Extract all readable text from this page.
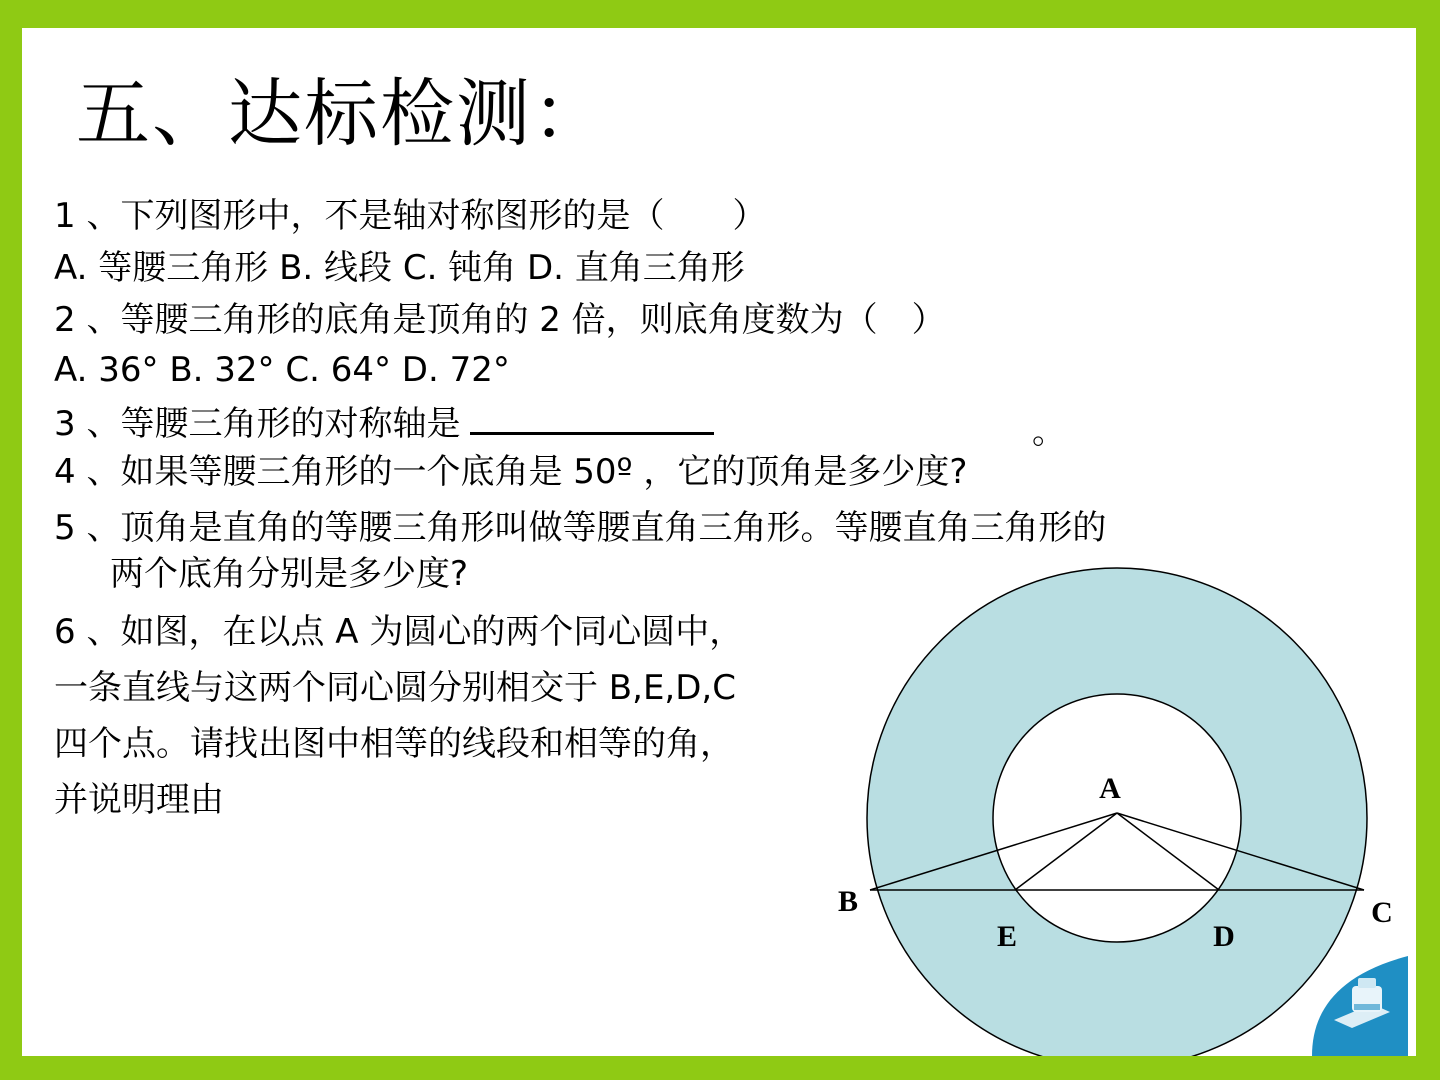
五、达标检测：
1 、下列图形中，不是轴对称图形的是（　　）
A. 等腰三角形 B. 线段 C. 钝角 D. 直角三角形
2 、等腰三角形的底角是顶角的 2 倍，则底角度数为（　）
A. 36° B. 32° C. 64° D. 72°
3 、等腰三角形的对称轴是	。
4 、如果等腰三角形的一个底角是 50º ，它的顶角是多少度?
5 、顶角是直角的等腰三角形叫做等腰直角三角形。等腰直角三角形的
两个底角分别是多少度?
6 、如图，在以点 A 为圆心的两个同心圆中，
一条直线与这两个同心圆分别相交于 B,E,D,C
四个点。请找出图中相等的线段和相等的角，
并说明理由	A
B	C
E	D
